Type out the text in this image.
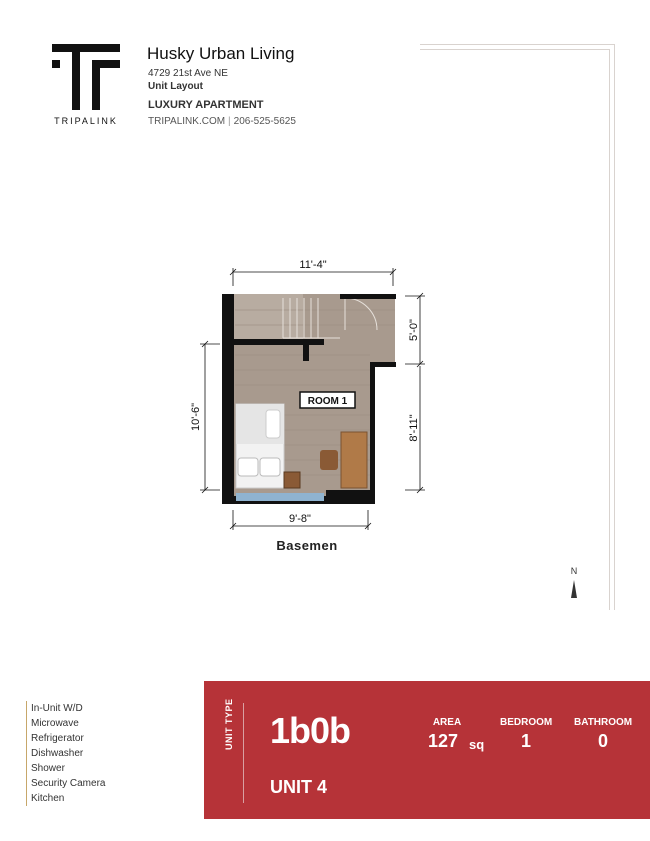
TRIPALINK
Husky Urban Living
4729 21st Ave NE
Unit Layout
LUXURY APARTMENT
TRIPALINK.COM | 206-525-5625
ROOM 1
11'-4"
10'-6"
5'-0"
8'-11"
9'-8"
N
Basemen
In-Unit W/D
Microwave
Refrigerator
Dishwasher
Shower
Security Camera
Kitchen
UNIT TYPE 1b0b
UNIT 4
AREA
127 sq
BEDROOM
1
BATHROOM
0
